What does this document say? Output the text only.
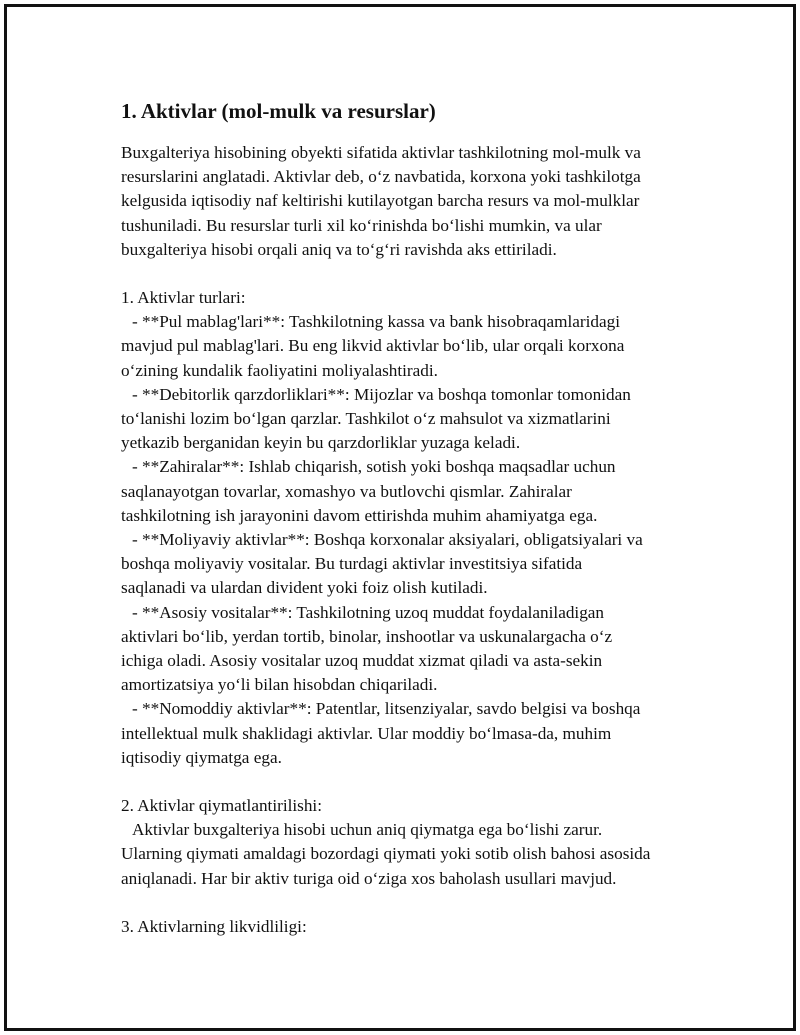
1. Aktivlar (mol-mulk va resurslar)

Buxgalteriya hisobining obyekti sifatida aktivlar tashkilotning mol-mulk va

resurslarini anglatadi. Aktivlar deb, o‘z navbatida, korxona yoki tashkilotga

kelgusida iqtisodiy naf keltirishi kutilayotgan barcha resurs va mol-mulklar

tushuniladi. Bu resurslar turli xil ko‘rinishda bo‘lishi mumkin, va ular

buxgalteriya hisobi orqali aniq va to‘g‘ri ravishda aks ettiriladi.

1. Aktivlar turlari:

- **Pul mablag'lari**: Tashkilotning kassa va bank hisobraqamlaridagi

mavjud pul mablag'lari. Bu eng likvid aktivlar bo‘lib, ular orqali korxona

o‘zining kundalik faoliyatini moliyalashtiradi.

- **Debitorlik qarzdorliklari**: Mijozlar va boshqa tomonlar tomonidan

to‘lanishi lozim bo‘lgan qarzlar. Tashkilot o‘z mahsulot va xizmatlarini

yetkazib berganidan keyin bu qarzdorliklar yuzaga keladi.

- **Zahiralar**: Ishlab chiqarish, sotish yoki boshqa maqsadlar uchun

saqlanayotgan tovarlar, xomashyo va butlovchi qismlar. Zahiralar

tashkilotning ish jarayonini davom ettirishda muhim ahamiyatga ega.

- **Moliyaviy aktivlar**: Boshqa korxonalar aksiyalari, obligatsiyalari va

boshqa moliyaviy vositalar. Bu turdagi aktivlar investitsiya sifatida

saqlanadi va ulardan divident yoki foiz olish kutiladi.

- **Asosiy vositalar**: Tashkilotning uzoq muddat foydalaniladigan

aktivlari bo‘lib, yerdan tortib, binolar, inshootlar va uskunalargacha o‘z

ichiga oladi. Asosiy vositalar uzoq muddat xizmat qiladi va asta-sekin

amortizatsiya yo‘li bilan hisobdan chiqariladi.

- **Nomoddiy aktivlar**: Patentlar, litsenziyalar, savdo belgisi va boshqa

intellektual mulk shaklidagi aktivlar. Ular moddiy bo‘lmasa-da, muhim

iqtisodiy qiymatga ega.

2. Aktivlar qiymatlantirilishi:

Aktivlar buxgalteriya hisobi uchun aniq qiymatga ega bo‘lishi zarur.

Ularning qiymati amaldagi bozordagi qiymati yoki sotib olish bahosi asosida

aniqlanadi. Har bir aktiv turiga oid o‘ziga xos baholash usullari mavjud.

3. Aktivlarning likvidliligi:
